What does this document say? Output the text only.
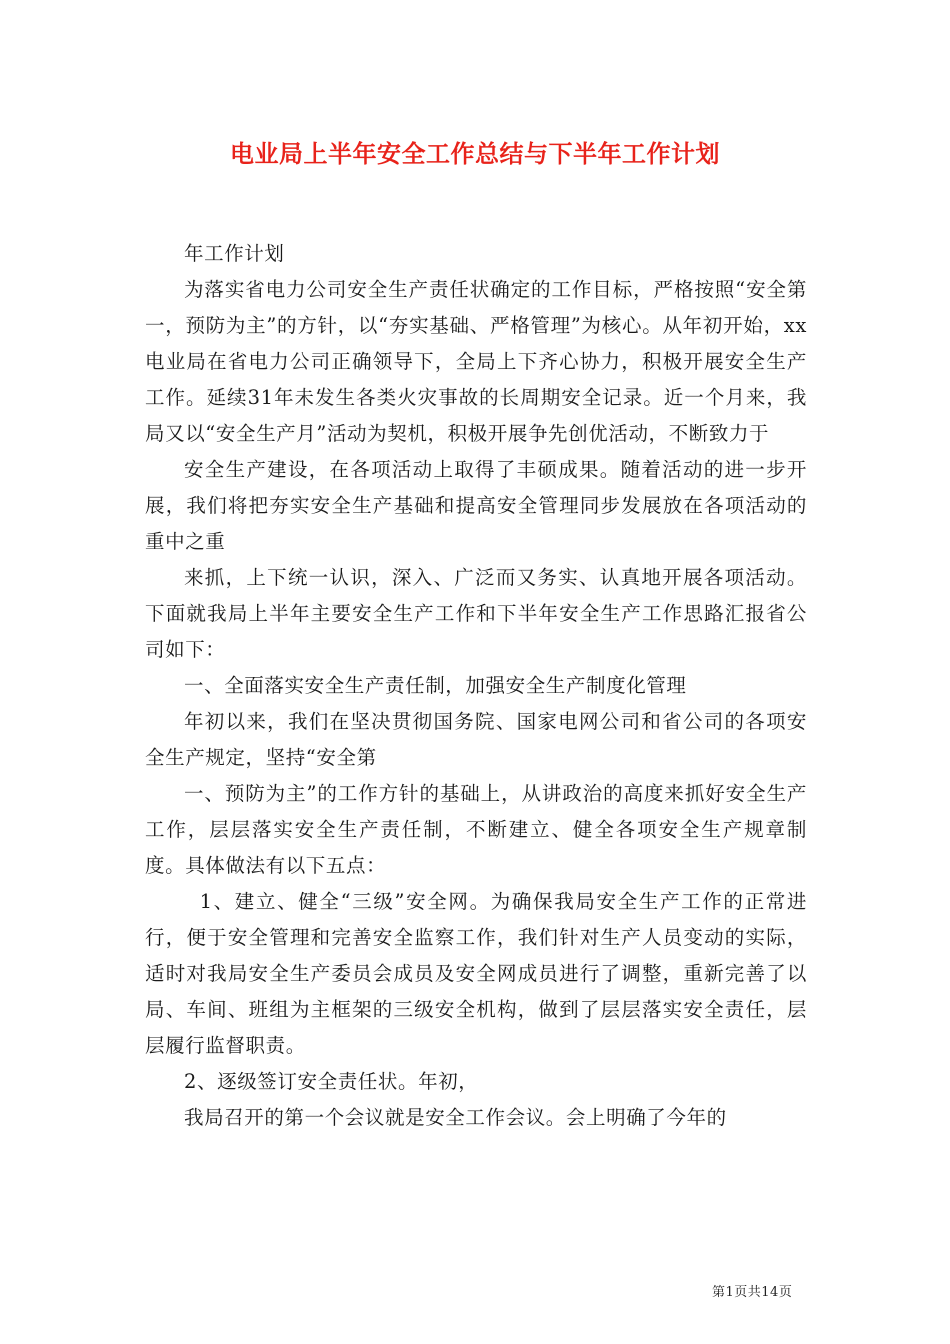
电业局上半年安全工作总结与下半年工作计划

年工作计划

为落实省电力公司安全生产责任状确定的工作目标，严格按照“安全第一，预防为主”的方针，以“夯实基础、严格管理”为核心。从年初开始，xx电业局在省电力公司正确领导下，全局上下齐心协力，积极开展安全生产工作。延续31年未发生各类火灾事故的长周期安全记录。近一个月来，我局又以“安全生产月”活动为契机，积极开展争先创优活动，不断致力于

安全生产建设，在各项活动上取得了丰硕成果。随着活动的进一步开展，我们将把夯实安全生产基础和提高安全管理同步发展放在各项活动的重中之重

来抓，上下统一认识，深入、广泛而又务实、认真地开展各项活动。下面就我局上半年主要安全生产工作和下半年安全生产工作思路汇报省公司如下：

一、全面落实安全生产责任制，加强安全生产制度化管理

年初以来，我们在坚决贯彻国务院、国家电网公司和省公司的各项安全生产规定，坚持“安全第

一、预防为主”的工作方针的基础上，从讲政治的高度来抓好安全生产工作，层层落实安全生产责任制，不断建立、健全各项安全生产规章制度。具体做法有以下五点：

1、建立、健全“三级”安全网。为确保我局安全生产工作的正常进行，便于安全管理和完善安全监察工作，我们针对生产人员变动的实际，适时对我局安全生产委员会成员及安全网成员进行了调整，重新完善了以局、车间、班组为主框架的三级安全机构，做到了层层落实安全责任，层层履行监督职责。

2、逐级签订安全责任状。年初，

我局召开的第一个会议就是安全工作会议。会上明确了今年的

第1页共14页
